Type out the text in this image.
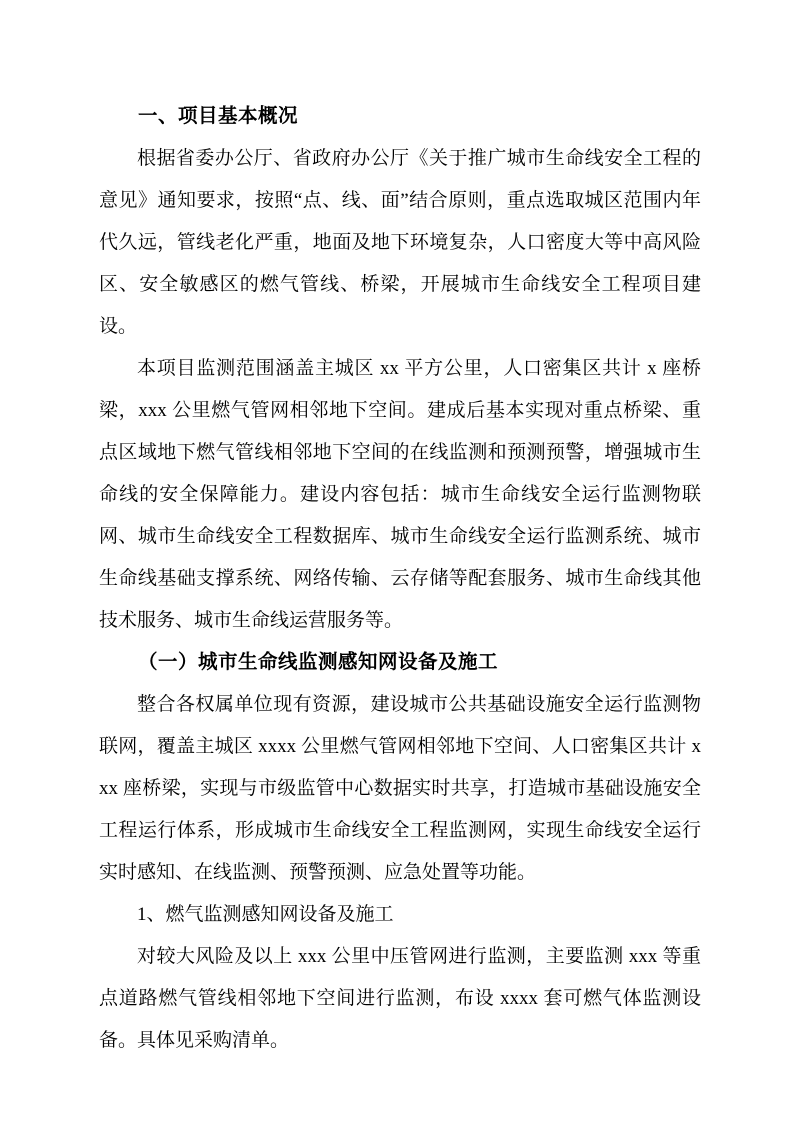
一、项目基本概况

根据省委办公厅、省政府办公厅《关于推广城市生命线安全工程的意见》通知要求，按照“点、线、面”结合原则，重点选取城区范围内年代久远，管线老化严重，地面及地下环境复杂，人口密度大等中高风险区、安全敏感区的燃气管线、桥梁，开展城市生命线安全工程项目建设。

本项目监测范围涵盖主城区 xx 平方公里，人口密集区共计 x 座桥梁，xxx 公里燃气管网相邻地下空间。建成后基本实现对重点桥梁、重点区域地下燃气管线相邻地下空间的在线监测和预测预警，增强城市生命线的安全保障能力。建设内容包括：城市生命线安全运行监测物联网、城市生命线安全工程数据库、城市生命线安全运行监测系统、城市生命线基础支撑系统、网络传输、云存储等配套服务、城市生命线其他技术服务、城市生命线运营服务等。

（一）城市生命线监测感知网设备及施工

整合各权属单位现有资源，建设城市公共基础设施安全运行监测物联网，覆盖主城区 xxxx 公里燃气管网相邻地下空间、人口密集区共计 xxx 座桥梁，实现与市级监管中心数据实时共享，打造城市基础设施安全工程运行体系，形成城市生命线安全工程监测网，实现生命线安全运行实时感知、在线监测、预警预测、应急处置等功能。

1、燃气监测感知网设备及施工

对较大风险及以上 xxx 公里中压管网进行监测，主要监测 xxx 等重点道路燃气管线相邻地下空间进行监测，布设 xxxx 套可燃气体监测设备。具体见采购清单。
